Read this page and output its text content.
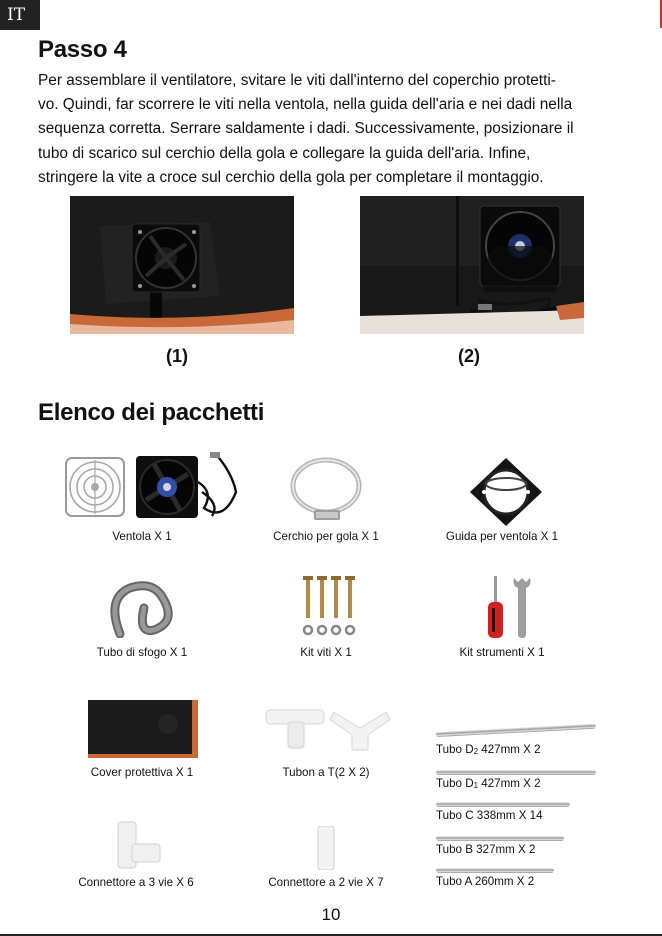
IT
Passo 4
Per assemblare il ventilatore, svitare le viti dall'interno del coperchio protetti-
vo. Quindi, far scorrere le viti nella ventola, nella guida dell'aria e nei dadi nella
sequenza corretta. Serrare saldamente i dadi. Successivamente, posizionare il
tubo di scarico sul cerchio della gola e collegare la guida dell'aria. Infine,
stringere la vite a croce sul cerchio della gola per completare il montaggio.
(1)	(2)
Elenco dei pacchetti
Ventola X 1	Cerchio per gola X 1	Guida per ventola X 1
Tubo di sfogo X 1	Kit viti X 1	Kit strumenti X 1
Cover protettiva X 1	Tubon a T(2 X 2)
Connettore a 3 vie X 6	Connettore a 2 vie X 7
Tubo $D_2$ 427mm X 2
Tubo $D_1$ 427mm X 2
Tubo C 338mm X 14
Tubo B 327mm X 2
Tubo A 260mm X 2
10
